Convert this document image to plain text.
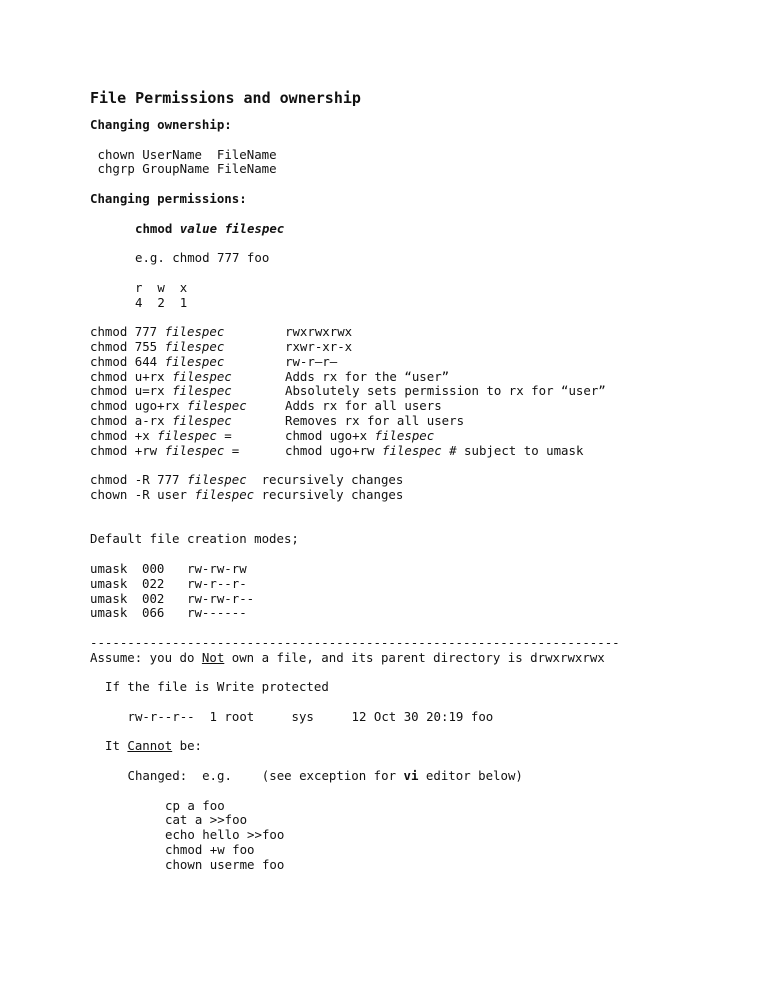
File Permissions and ownership
Changing ownership:
chown UserName  FileName
chgrp GroupName FileName
Changing permissions:
chmod value filespec
e.g. chmod 777 foo
r  w  x
4  2  1
chmod 777 filespec	rwxrwxrwx
chmod 755 filespec	rxwr-xr-x
chmod 644 filespec	rw-r–r–
chmod u+rx filespec	Adds rx for the “user”
chmod u=rx filespec	Absolutely sets permission to rx for “user”
chmod ugo+rx filespec	Adds rx for all users
chmod a-rx filespec	Removes rx for all users
chmod +x filespec =	chmod ugo+x filespec
chmod +rw filespec =	chmod ugo+rw filespec # subject to umask
chmod -R 777 filespec  recursively changes
chown -R user filespec recursively changes
Default file creation modes;
umask	000	rw-rw-rw
umask	022	rw-r--r-
umask	002	rw-rw-r--
umask	066	rw------
-----------------------------------------------------------------------
Assume: you do Not own a file, and its parent directory is drwxrwxrwx
If the file is Write protected
rw-r--r--	1 root	sys	12 Oct 30 20:19 foo
It Cannot be:
Changed:  e.g.    (see exception for vi editor below)
cp a foo
cat a >>foo
echo hello >>foo
chmod +w foo
chown userme foo
